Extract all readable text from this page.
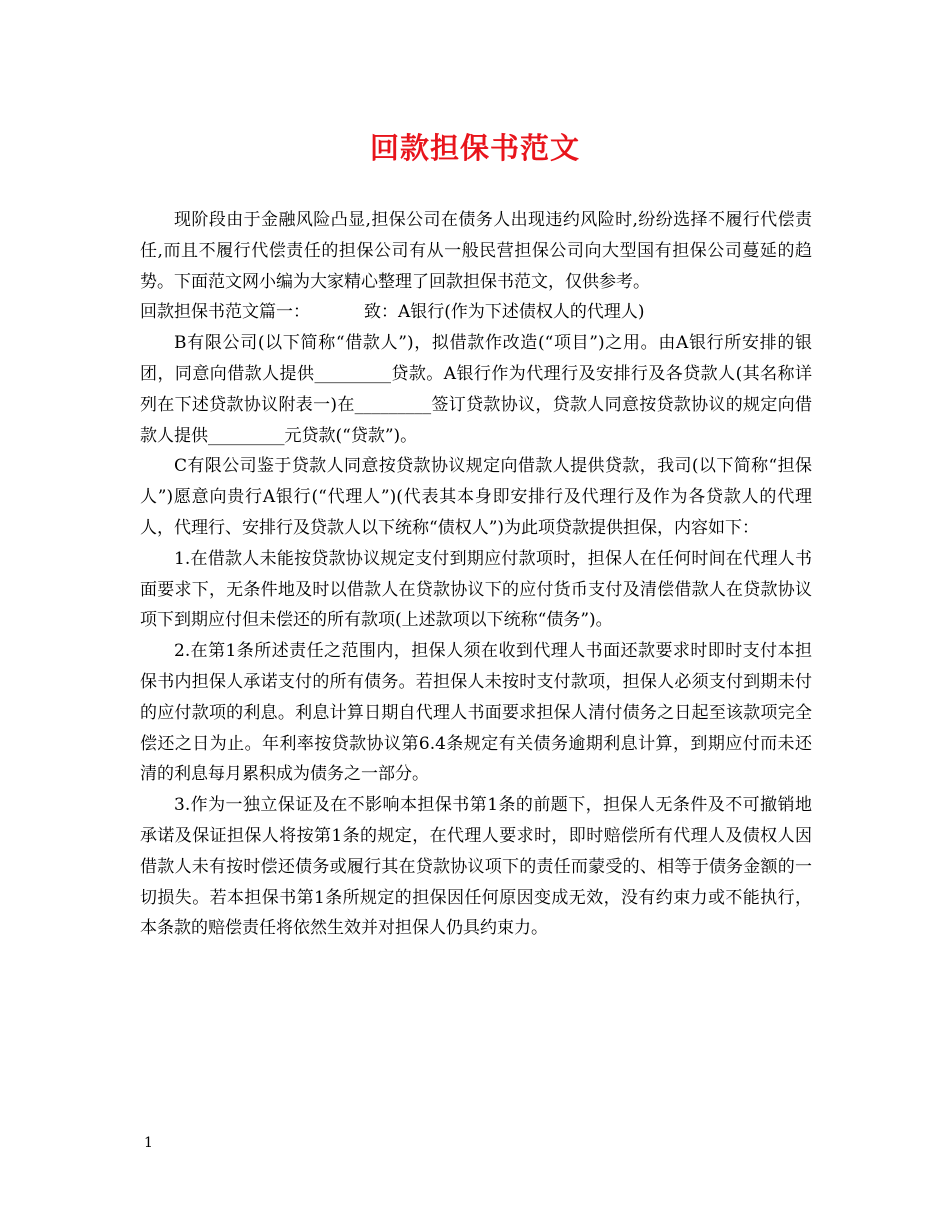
回款担保书范文

现阶段由于金融风险凸显,担保公司在债务人出现违约风险时,纷纷选择不履行代偿责任,而且不履行代偿责任的担保公司有从一般民营担保公司向大型国有担保公司蔓延的趋势。下面范文网小编为大家精心整理了回款担保书范文，仅供参考。

回款担保书范文篇一：	致：A银行(作为下述债权人的代理人)

B有限公司(以下简称“借款人”)，拟借款作改造(“项目”)之用。由A银行所安排的银团，同意向借款人提供_________贷款。A银行作为代理行及安排行及各贷款人(其名称详列在下述贷款协议附表一)在_________签订贷款协议，贷款人同意按贷款协议的规定向借款人提供_________元贷款(“贷款”)。

C有限公司鉴于贷款人同意按贷款协议规定向借款人提供贷款，我司(以下简称“担保人”)愿意向贵行A银行(“代理人”)(代表其本身即安排行及代理行及作为各贷款人的代理人，代理行、安排行及贷款人以下统称“债权人”)为此项贷款提供担保，内容如下：

1.在借款人未能按贷款协议规定支付到期应付款项时，担保人在任何时间在代理人书面要求下，无条件地及时以借款人在贷款协议下的应付货币支付及清偿借款人在贷款协议项下到期应付但未偿还的所有款项(上述款项以下统称“债务”)。

2.在第1条所述责任之范围内，担保人须在收到代理人书面还款要求时即时支付本担保书内担保人承诺支付的所有债务。若担保人未按时支付款项，担保人必须支付到期未付的应付款项的利息。利息计算日期自代理人书面要求担保人清付债务之日起至该款项完全偿还之日为止。年利率按贷款协议第6.4条规定有关债务逾期利息计算，到期应付而未还清的利息每月累积成为债务之一部分。

3.作为一独立保证及在不影响本担保书第1条的前题下，担保人无条件及不可撤销地承诺及保证担保人将按第1条的规定，在代理人要求时，即时赔偿所有代理人及债权人因借款人未有按时偿还债务或履行其在贷款协议项下的责任而蒙受的、相等于债务金额的一切损失。若本担保书第1条所规定的担保因任何原因变成无效，没有约束力或不能执行，本条款的赔偿责任将依然生效并对担保人仍具约束力。

1
